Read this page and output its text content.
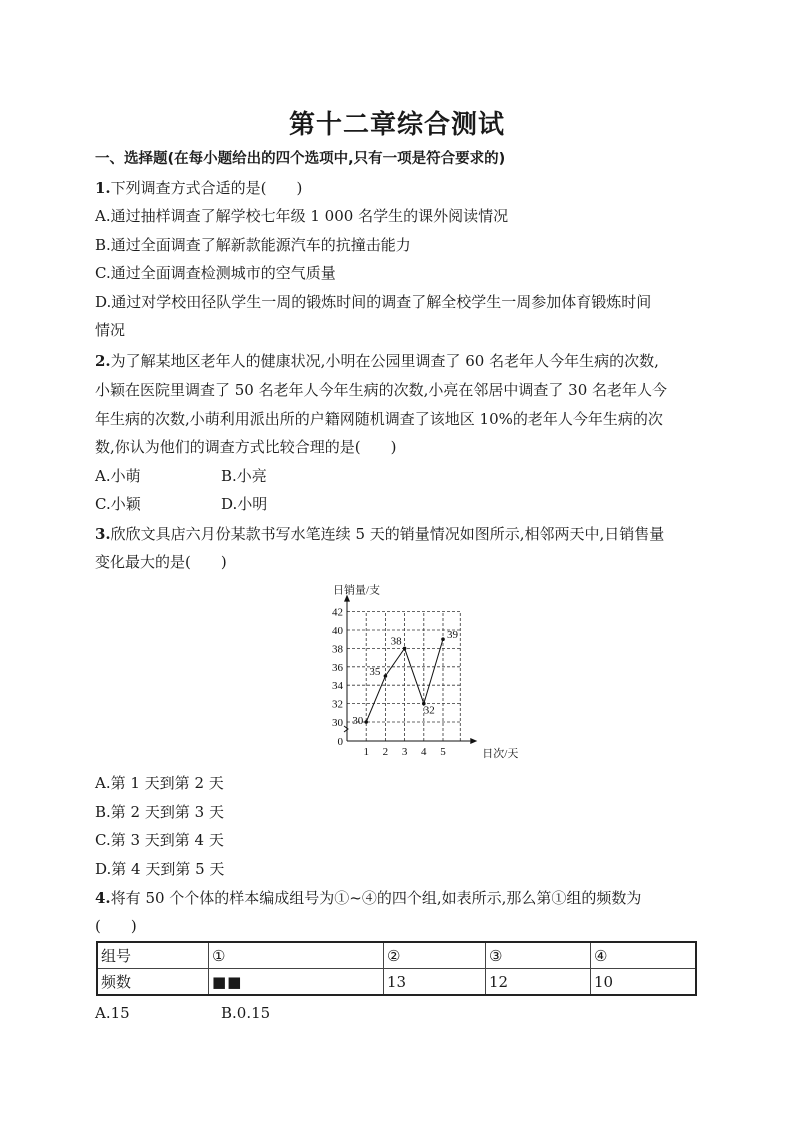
第十二章综合测试
一、选择题(在每小题给出的四个选项中,只有一项是符合要求的)
1.下列调查方式合适的是(　　)
A.通过抽样调查了解学校七年级 1 000 名学生的课外阅读情况
B.通过全面调查了解新款能源汽车的抗撞击能力
C.通过全面调查检测城市的空气质量
D.通过对学校田径队学生一周的锻炼时间的调查了解全校学生一周参加体育锻炼时间
情况
2.为了解某地区老年人的健康状况,小明在公园里调查了 60 名老年人今年生病的次数,
小颖在医院里调查了 50 名老年人今年生病的次数,小亮在邻居中调查了 30 名老年人今
年生病的次数,小萌利用派出所的户籍网随机调查了该地区 10%的老年人今年生病的次
数,你认为他们的调查方式比较合理的是(　　)
A.小萌	B.小亮
C.小颖	D.小明
3.欣欣文具店六月份某款书写水笔连续 5 天的销量情况如图所示,相邻两天中,日销售量
变化最大的是(　　)
0
30
32
34
36
38
40
42
1 2 3 4 5
日销量/支
日次/天
30
35
38
32
39
A.第 1 天到第 2 天
B.第 2 天到第 3 天
C.第 3 天到第 4 天
D.第 4 天到第 5 天
4.将有 50 个个体的样本编成组号为①~④的四个组,如表所示,那么第①组的频数为
(　　)
组号	①	②	③	④
频数	■■	13	12	10
A.15	B.0.15
